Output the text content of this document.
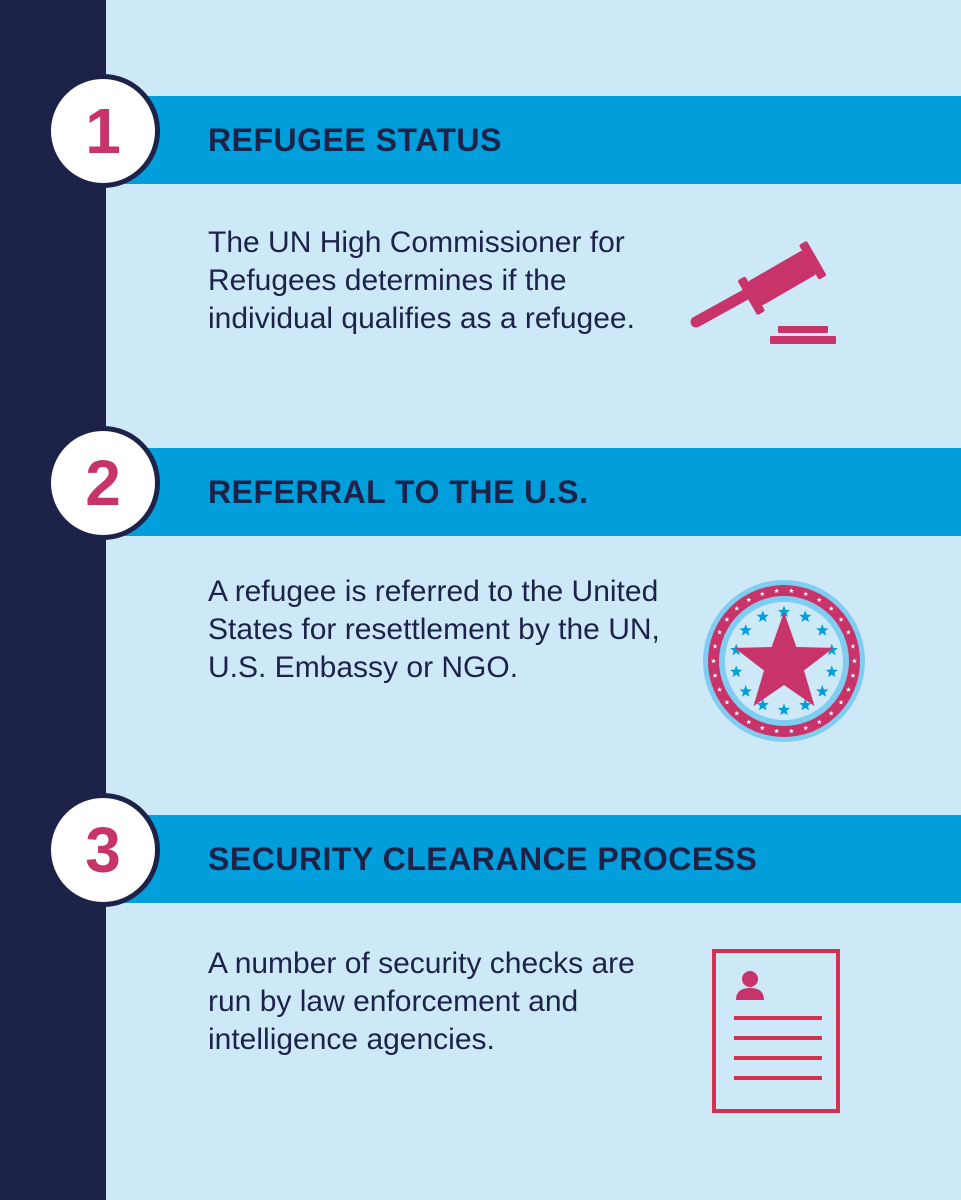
REFUGEE STATUS
1

The UN High Commissioner for Refugees determines if the individual qualifies as a refugee.

REFERRAL TO THE U.S.
2

A refugee is referred to the United States for resettlement by the UN, U.S. Embassy or NGO.

SECURITY CLEARANCE PROCESS
3

A number of security checks are run by law enforcement and intelligence agencies.
